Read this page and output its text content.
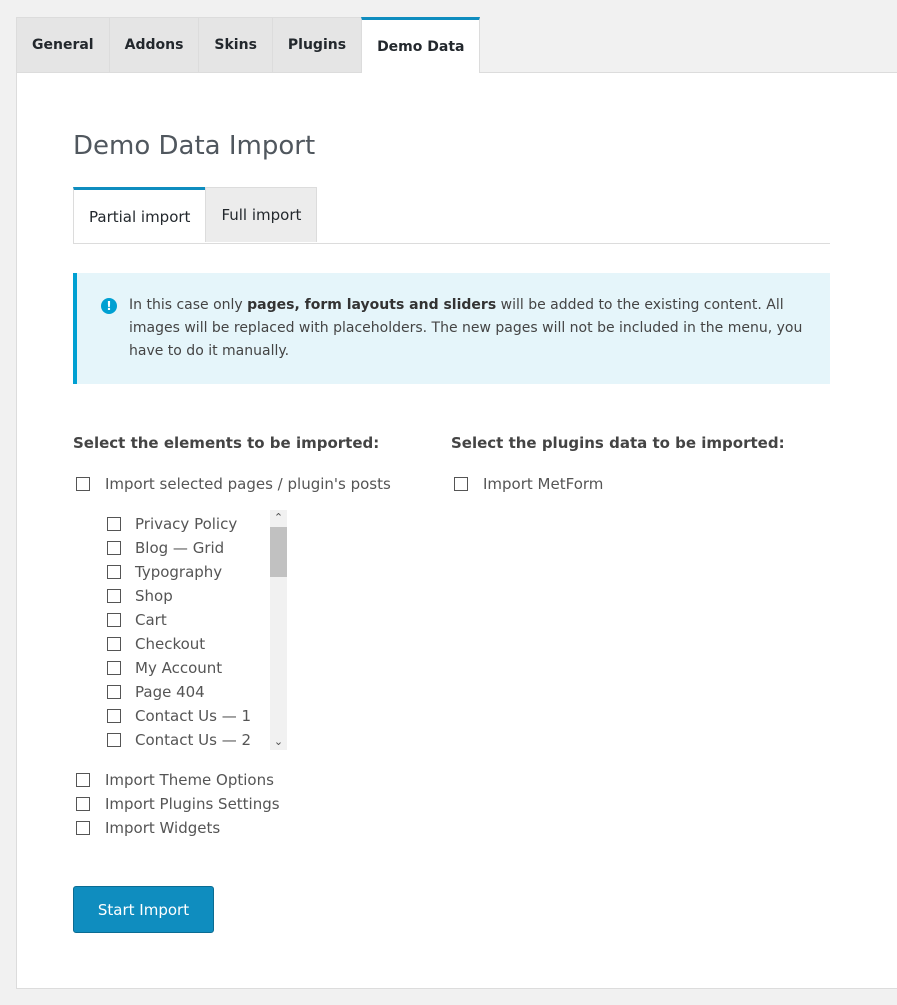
General	Addons	Skins	Plugins	Demo Data
Demo Data Import
Partial import	Full import
!	In this case only pages, form layouts and sliders will be added to the existing content. All images will be replaced with placeholders. The new pages will not be included in the menu, you have to do it manually.
Select the elements to be imported:	Select the plugins data to be imported:
Import selected pages / plugin's posts	Import MetForm
Privacy Policy
Blog — Grid
Typography
Shop
Cart
Checkout
My Account
Page 404
Contact Us — 1
Contact Us — 2
⌃
⌄
Import Theme Options
Import Plugins Settings
Import Widgets
Start Import
